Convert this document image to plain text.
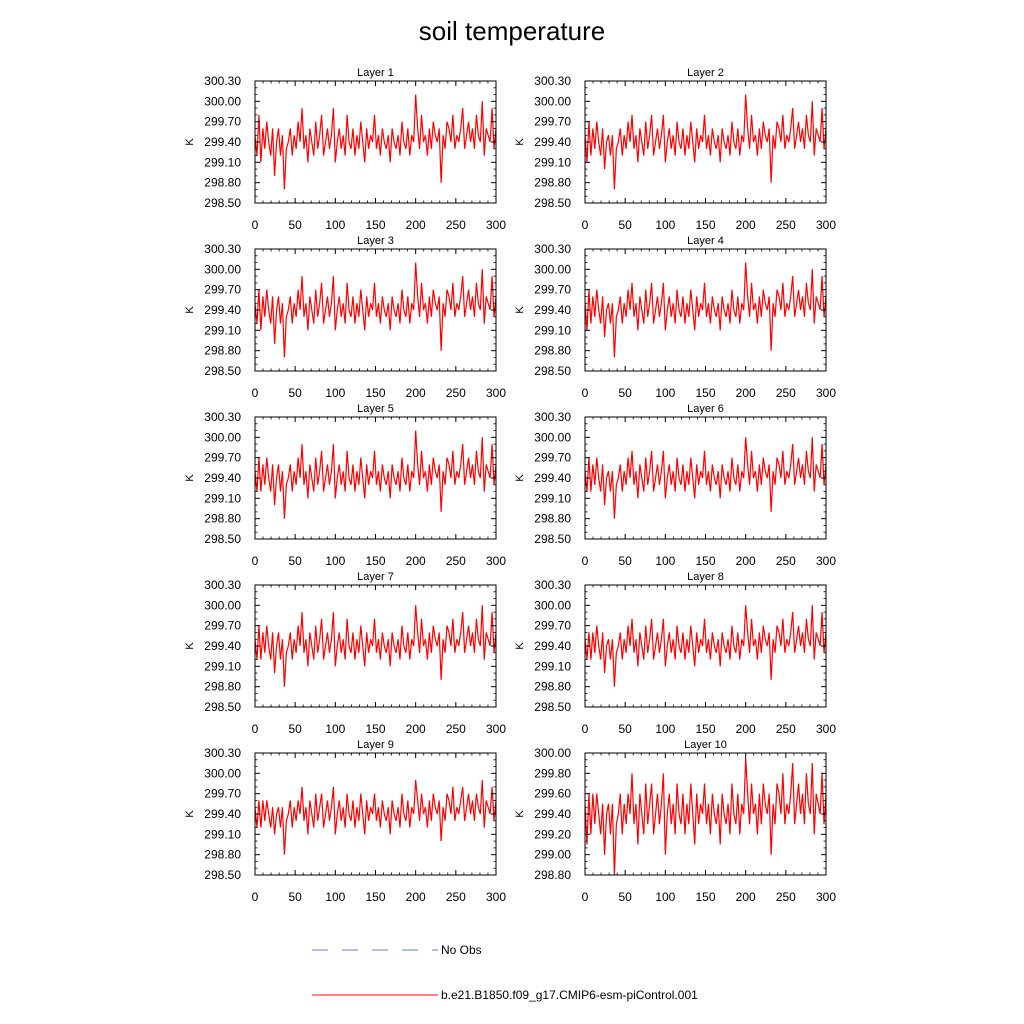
soil temperature
Layer 1
K
298.50
298.80
299.10
299.40
299.70
300.00
300.30
0	50 100 150 200 250 300
Layer 2
K
298.50
298.80
299.10
299.40
299.70
300.00
300.30
0	50 100 150 200 250 300
Layer 3
K
298.50
298.80
299.10
299.40
299.70
300.00
300.30
0	50 100 150 200 250 300
Layer 4
K
298.50
298.80
299.10
299.40
299.70
300.00
300.30
0	50 100 150 200 250 300
Layer 5
K
298.50
298.80
299.10
299.40
299.70
300.00
300.30
0	50 100 150 200 250 300
Layer 6
K
298.50
298.80
299.10
299.40
299.70
300.00
300.30
0	50 100 150 200 250 300
Layer 7
K
298.50
298.80
299.10
299.40
299.70
300.00
300.30
0	50 100 150 200 250 300
Layer 8
K
298.50
298.80
299.10
299.40
299.70
300.00
300.30
0	50 100 150 200 250 300
Layer 9
K
298.50
298.80
299.10
299.40
299.70
300.00
300.30
0	50 100 150 200 250 300
Layer 10
K
298.80
299.00
299.20
299.40
299.60
299.80
300.00
0	50 100 150 200 250 300
No Obs
b.e21.B1850.f09_g17.CMIP6-esm-piControl.001
